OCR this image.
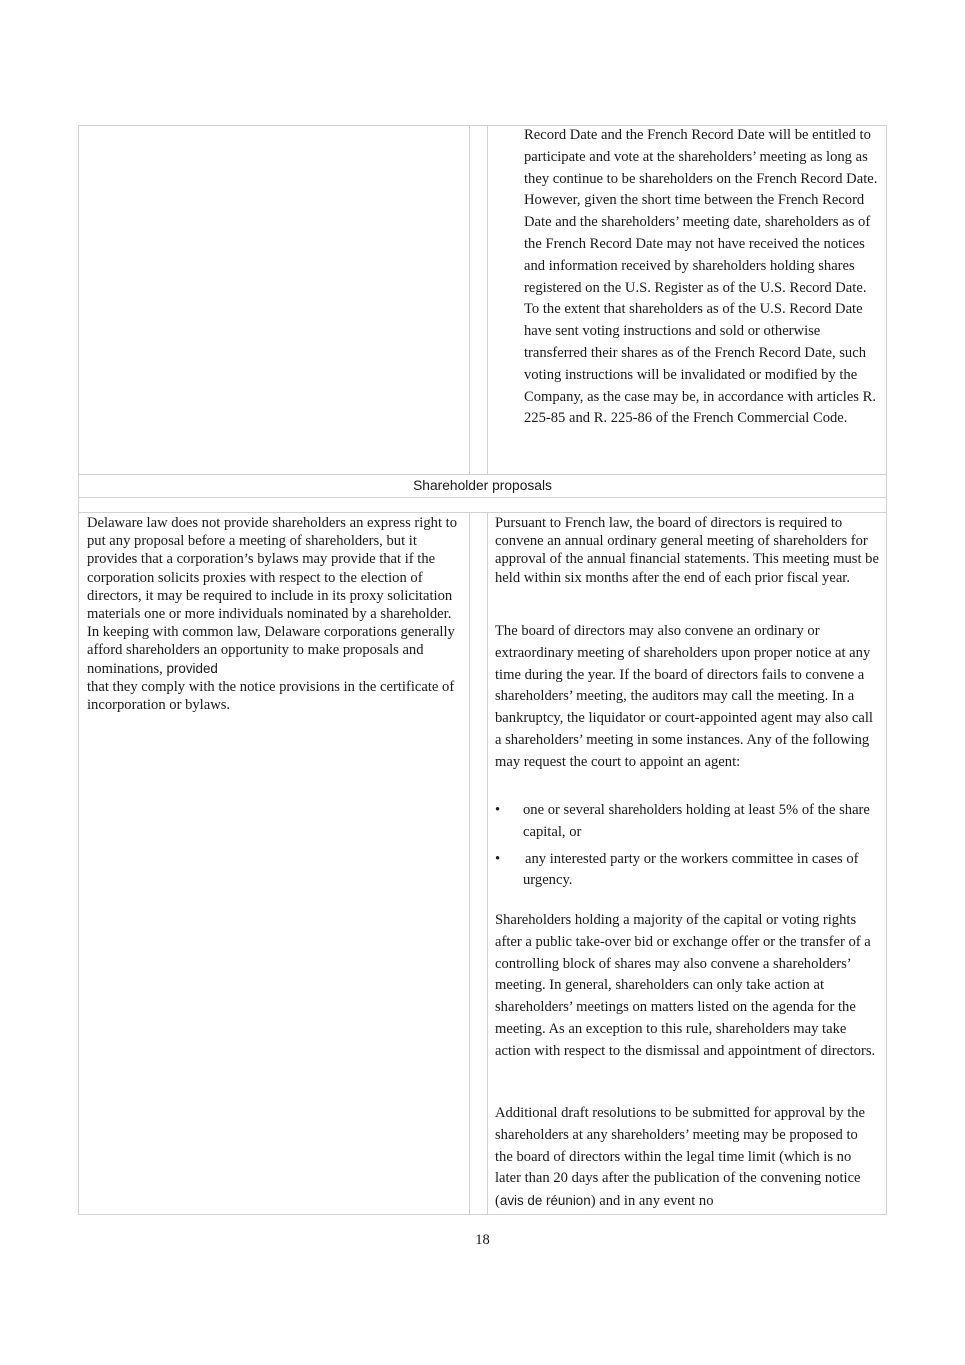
Record Date and the French Record Date will be entitled to participate and vote at the shareholders’ meeting as long as they continue to be shareholders on the French Record Date. However, given the short time between the French Record Date and the shareholders’ meeting date, shareholders as of the French Record Date may not have received the notices and information received by shareholders holding shares registered on the U.S. Register as of the U.S. Record Date. To the extent that shareholders as of the U.S. Record Date have sent voting instructions and sold or otherwise transferred their shares as of the French Record Date, such voting instructions will be invalidated or modified by the Company, as the case may be, in accordance with articles R. 225-85 and R. 225-86 of the French Commercial Code.

Shareholder proposals

Delaware law does not provide shareholders an express right to put any proposal before a meeting of shareholders, but it provides that a corporation’s bylaws may provide that if the corporation solicits proxies with respect to the election of directors, it may be required to include in its proxy solicitation materials one or more individuals nominated by a shareholder. In keeping with common law, Delaware corporations generally afford shareholders an opportunity to make proposals and nominations, provided
that they comply with the notice provisions in the certificate of incorporation or bylaws.

Pursuant to French law, the board of directors is required to convene an annual ordinary general meeting of shareholders for approval of the annual financial statements. This meeting must be held within six months after the end of each prior fiscal year.

The board of directors may also convene an ordinary or extraordinary meeting of shareholders upon proper notice at any time during the year. If the board of directors fails to convene a shareholders’ meeting, the auditors may call the meeting. In a bankruptcy, the liquidator or court-appointed agent may also call a shareholders’ meeting in some instances. Any of the following may request the court to appoint an agent:

• one or several shareholders holding at least 5% of the share capital, or
• any interested party or the workers committee in cases of urgency.

Shareholders holding a majority of the capital or voting rights after a public take-over bid or exchange offer or the transfer of a controlling block of shares may also convene a shareholders’ meeting. In general, shareholders can only take action at shareholders’ meetings on matters listed on the agenda for the meeting. As an exception to this rule, shareholders may take action with respect to the dismissal and appointment of directors.

Additional draft resolutions to be submitted for approval by the shareholders at any shareholders’ meeting may be proposed to the board of directors within the legal time limit (which is no later than 20 days after the publication of the convening notice (avis de réunion) and in any event no

18
